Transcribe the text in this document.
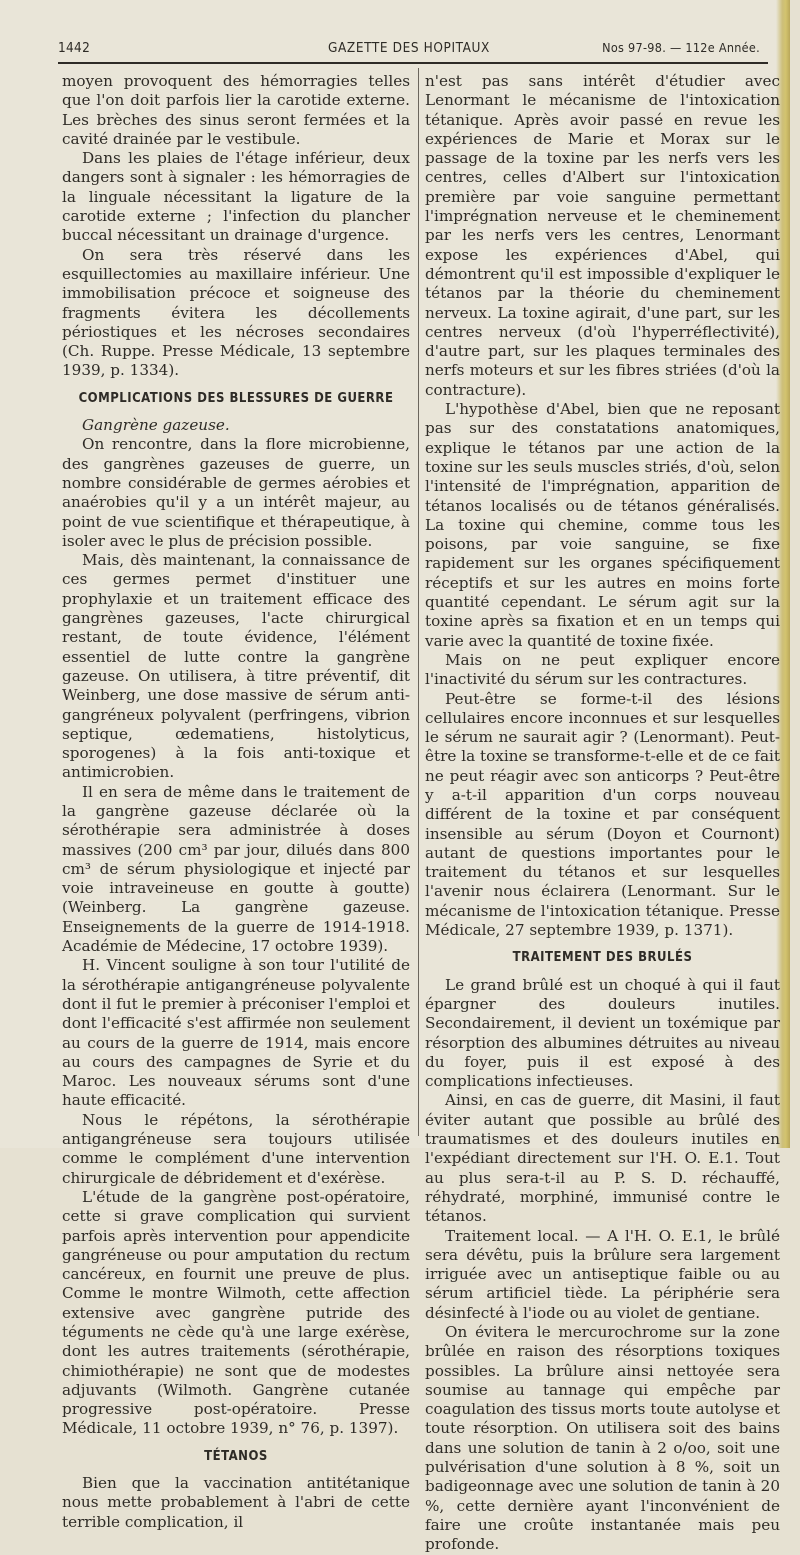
1442	GAZETTE DES HOPITAUX	Nos 97-98. — 112e Année.

moyen provoquent des hémorragies telles que l'on doit parfois lier la carotide externe. Les brèches des sinus seront fermées et la cavité drainée par le vestibule.

Dans les plaies de l'étage inférieur, deux dangers sont à signaler : les hémorragies de la linguale nécessitant la ligature de la carotide externe ; l'infection du plancher buccal nécessitant un drainage d'urgence.

On sera très réservé dans les esquillectomies au maxillaire inférieur. Une immobilisation précoce et soigneuse des fragments évitera les décollements périostiques et les nécroses secondaires (Ch. Ruppe. Presse Médicale, 13 septembre 1939, p. 1334).

COMPLICATIONS DES BLESSURES DE GUERRE

Gangrène gazeuse.

On rencontre, dans la flore microbienne, des gangrènes gazeuses de guerre, un nombre considérable de germes aérobies et anaérobies qu'il y a un intérêt majeur, au point de vue scientifique et thérapeutique, à isoler avec le plus de précision possible.

Mais, dès maintenant, la connaissance de ces germes permet d'instituer une prophylaxie et un traitement efficace des gangrènes gazeuses, l'acte chirurgical restant, de toute évidence, l'élément essentiel de lutte contre la gangrène gazeuse. On utilisera, à titre préventif, dit Weinberg, une dose massive de sérum anti-gangréneux polyvalent (perfringens, vibrion septique, œdematiens, histolyticus, sporogenes) à la fois anti-toxique et antimicrobien.

Il en sera de même dans le traitement de la gangrène gazeuse déclarée où la sérothérapie sera administrée à doses massives (200 cm³ par jour, dilués dans 800 cm³ de sérum physiologique et injecté par voie intraveineuse en goutte à goutte) (Weinberg. La gangrène gazeuse. Enseignements de la guerre de 1914-1918. Académie de Médecine, 17 octobre 1939).

H. Vincent souligne à son tour l'utilité de la sérothérapie antigangréneuse polyvalente dont il fut le premier à préconiser l'emploi et dont l'efficacité s'est affirmée non seulement au cours de la guerre de 1914, mais encore au cours des campagnes de Syrie et du Maroc. Les nouveaux sérums sont d'une haute efficacité.

Nous le répétons, la sérothérapie antigangréneuse sera toujours utilisée comme le complément d'une intervention chirurgicale de débridement et d'exérèse.

L'étude de la gangrène post-opératoire, cette si grave complication qui survient parfois après intervention pour appendicite gangréneuse ou pour amputation du rectum cancéreux, en fournit une preuve de plus. Comme le montre Wilmoth, cette affection extensive avec gangrène putride des téguments ne cède qu'à une large exérèse, dont les autres traitements (sérothérapie, chimiothérapie) ne sont que de modestes adjuvants (Wilmoth. Gangrène cutanée progressive post-opératoire. Presse Médicale, 11 octobre 1939, n° 76, p. 1397).

TÉTANOS

Bien que la vaccination antitétanique nous mette probablement à l'abri de cette terrible complication, il

n'est pas sans intérêt d'étudier avec Lenormant le mécanisme de l'intoxication tétanique. Après avoir passé en revue les expériences de Marie et Morax sur le passage de la toxine par les nerfs vers les centres, celles d'Albert sur l'intoxication première par voie sanguine permettant l'imprégnation nerveuse et le cheminement par les nerfs vers les centres, Lenormant expose les expériences d'Abel, qui démontrent qu'il est impossible d'expliquer le tétanos par la théorie du cheminement nerveux. La toxine agirait, d'une part, sur les centres nerveux (d'où l'hyperréflectivité), d'autre part, sur les plaques terminales des nerfs moteurs et sur les fibres striées (d'où la contracture).

L'hypothèse d'Abel, bien que ne reposant pas sur des constatations anatomiques, explique le tétanos par une action de la toxine sur les seuls muscles striés, d'où, selon l'intensité de l'imprégnation, apparition de tétanos localisés ou de tétanos généralisés. La toxine qui chemine, comme tous les poisons, par voie sanguine, se fixe rapidement sur les organes spécifiquement réceptifs et sur les autres en moins forte quantité cependant. Le sérum agit sur la toxine après sa fixation et en un temps qui varie avec la quantité de toxine fixée.

Mais on ne peut expliquer encore l'inactivité du sérum sur les contractures.

Peut-être se forme-t-il des lésions cellulaires encore inconnues et sur lesquelles le sérum ne saurait agir ? (Lenormant). Peut-être la toxine se transforme-t-elle et de ce fait ne peut réagir avec son anticorps ? Peut-être y a-t-il apparition d'un corps nouveau différent de la toxine et par conséquent insensible au sérum (Doyon et Cournont) autant de questions importantes pour le traitement du tétanos et sur lesquelles l'avenir nous éclairera (Lenormant. Sur le mécanisme de l'intoxication tétanique. Presse Médicale, 27 septembre 1939, p. 1371).

TRAITEMENT DES BRULÉS

Le grand brûlé est un choqué à qui il faut épargner des douleurs inutiles. Secondairement, il devient un toxémique par résorption des albumines détruites au niveau du foyer, puis il est exposé à des complications infectieuses.

Ainsi, en cas de guerre, dit Masini, il faut éviter autant que possible au brûlé des traumatismes et des douleurs inutiles en l'expédiant directement sur l'H. O. E.1. Tout au plus sera-t-il au P. S. D. réchauffé, réhydraté, morphiné, immunisé contre le tétanos.

Traitement local. — A l'H. O. E.1, le brûlé sera dévêtu, puis la brûlure sera largement irriguée avec un antiseptique faible ou au sérum artificiel tiède. La périphérie sera désinfecté à l'iode ou au violet de gentiane.

On évitera le mercurochrome sur la zone brûlée en raison des résorptions toxiques possibles. La brûlure ainsi nettoyée sera soumise au tannage qui empêche par coagulation des tissus morts toute autolyse et toute résorption. On utilisera soit des bains dans une solution de tanin à 2 o/oo, soit une pulvérisation d'une solution à 8 %, soit un badigeonnage avec une solution de tanin à 20 %, cette dernière ayant l'inconvénient de faire une croûte instantanée mais peu profonde.
